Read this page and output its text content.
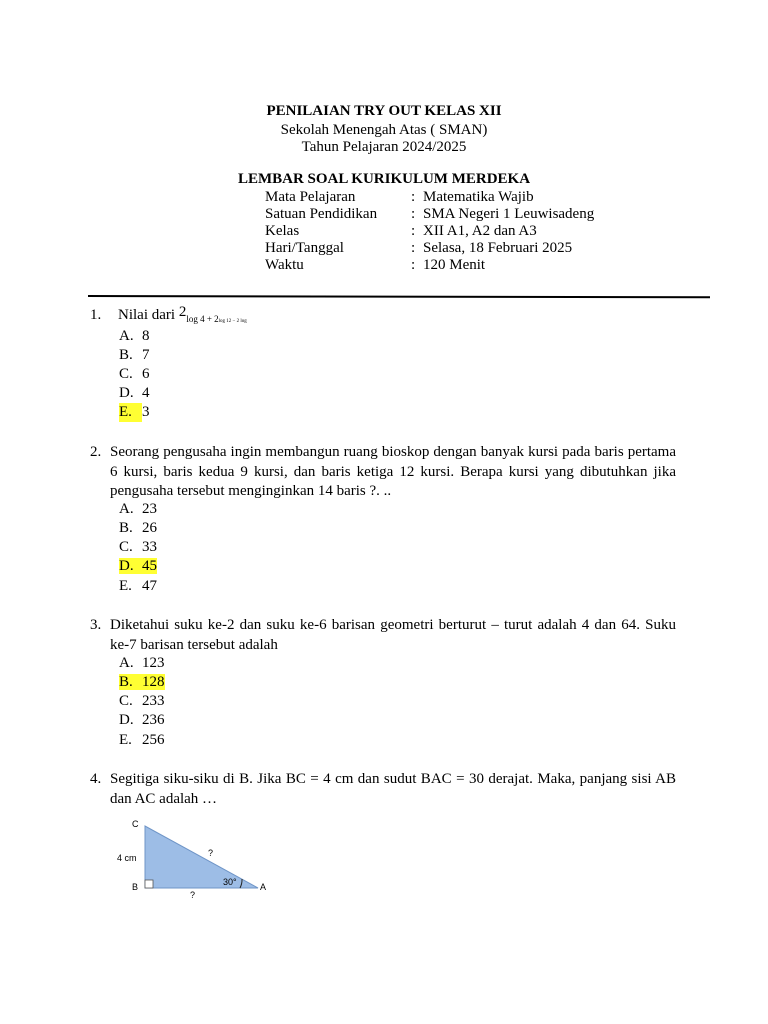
PENILAIAN TRY OUT KELAS XII
Sekolah Menengah Atas ( SMAN)
Tahun Pelajaran 2024/2025
LEMBAR SOAL KURIKULUM MERDEKA
Mata Pelajaran	: Matematika Wajib
Satuan Pendidikan : SMA Negeri 1 Leuwisadeng
Kelas	: XII A1, A2 dan A3
Hari/Tanggal	: Selasa, 18 Februari 2025
Waktu	: 120 Menit
1. Nilai dari $2_{log 4 + 2log 12 - 2 log}$
A. 8
B. 7
C. 6
D. 4
E. 3
2. Seorang pengusaha ingin membangun ruang bioskop dengan banyak kursi pada baris pertama 6 kursi, baris kedua 9 kursi, dan baris ketiga 12 kursi. Berapa kursi yang dibutuhkan jika pengusaha tersebut menginginkan 14 baris ?. ..
A. 23
B. 26
C. 33
D. 45
E. 47
3. Diketahui suku ke-2 dan suku ke-6 barisan geometri berturut – turut adalah 4 dan 64. Suku ke-7 barisan tersebut adalah
A. 123
B. 128
C. 233
D. 236
E. 256
4. Segitiga siku-siku di B. Jika BC = 4 cm dan sudut BAC = 30 derajat. Maka, panjang sisi AB dan AC adalah …
C
B	A
4 cm	?
?
30°
